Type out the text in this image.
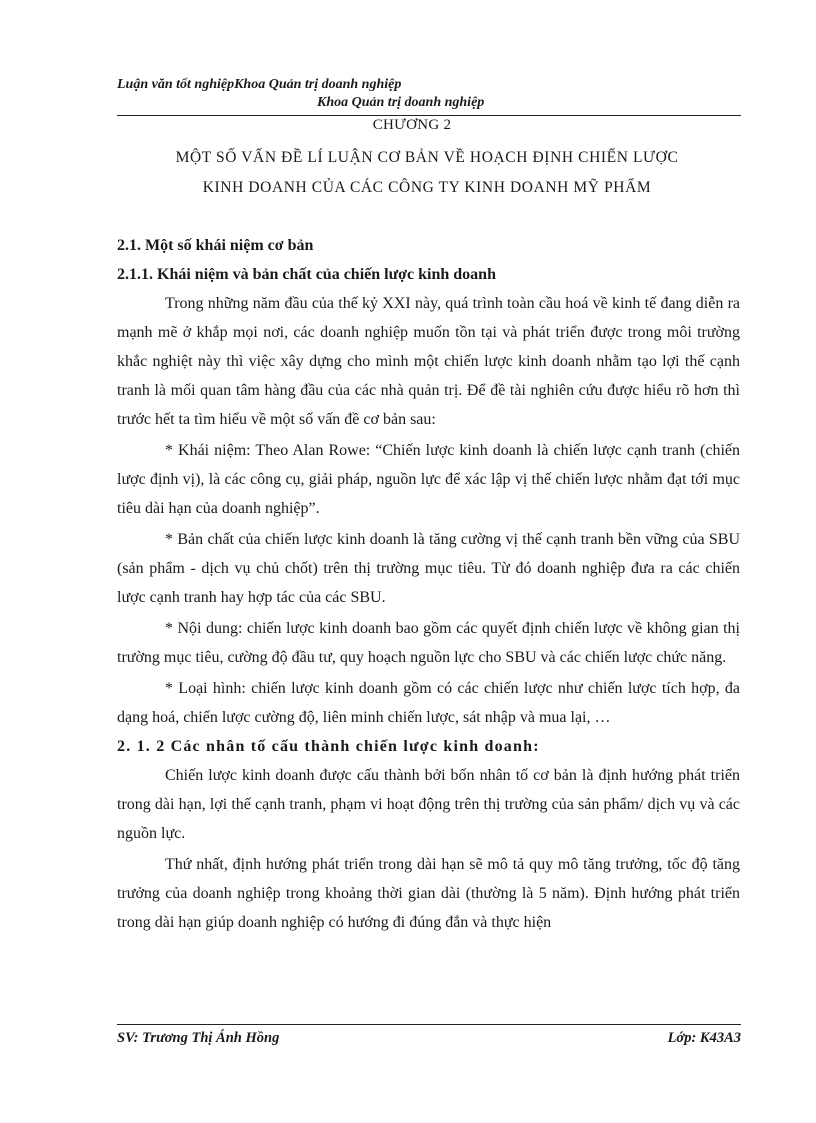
Luận văn tốt nghiệpKhoa Quản trị doanh nghiệp
Khoa Quản trị doanh nghiệp
CHƯƠNG 2
MỘT SỐ VẤN ĐỀ LÍ LUẬN CƠ BẢN VỀ HOẠCH ĐỊNH CHIẾN LƯỢC
KINH DOANH CỦA CÁC CÔNG TY KINH DOANH MỸ PHẨM

2.1. Một số khái niệm cơ bản

2.1.1. Khái niệm và bản chất của chiến lược kinh doanh

Trong những năm đầu của thế kỷ XXI này, quá trình toàn cầu hoá về kinh tế đang diễn ra mạnh mẽ ở khắp mọi nơi, các doanh nghiệp muốn tồn tại và phát triển được trong môi trường khắc nghiệt này thì việc xây dựng cho mình một chiến lược kinh doanh nhằm tạo lợi thế cạnh tranh là mối quan tâm hàng đầu của các nhà quản trị. Để đề tài nghiên cứu được hiểu rõ hơn thì trước hết ta tìm hiểu về một số vấn đề cơ bản sau:

* Khái niệm: Theo Alan Rowe: “Chiến lược kinh doanh là chiến lược cạnh tranh (chiến lược định vị), là các công cụ, giải pháp, nguồn lực để xác lập vị thế chiến lược nhằm đạt tới mục tiêu dài hạn của doanh nghiệp”.

* Bản chất của chiến lược kinh doanh là tăng cường vị thế cạnh tranh bền vững của SBU (sản phẩm - dịch vụ chủ chốt) trên thị trường mục tiêu. Từ đó doanh nghiệp đưa ra các chiến lược cạnh tranh hay hợp tác của các SBU.

* Nội dung: chiến lược kinh doanh bao gồm các quyết định chiến lược về không gian thị trường mục tiêu, cường độ đầu tư, quy hoạch nguồn lực cho SBU và các chiến lược chức năng.

* Loại hình: chiến lược kinh doanh gồm có các chiến lược như chiến lược tích hợp, đa dạng hoá, chiến lược cường độ, liên minh chiến lược, sát nhập và mua lại, …

2. 1. 2 Các nhân tố cấu thành chiến lược kinh doanh:

Chiến lược kinh doanh được cấu thành bởi bốn nhân tố cơ bản là định hướng phát triển trong dài hạn, lợi thế cạnh tranh, phạm vi hoạt động trên thị trường của sản phẩm/ dịch vụ và các nguồn lực.

Thứ nhất, định hướng phát triển trong dài hạn sẽ mô tả quy mô tăng trưởng, tốc độ tăng trưởng của doanh nghiệp trong khoảng thời gian dài (thường là 5 năm). Định hướng phát triển trong dài hạn giúp doanh nghiệp có hướng đi đúng đắn và thực hiện

SV: Trương Thị Ánh Hồng	Lớp: K43A3
